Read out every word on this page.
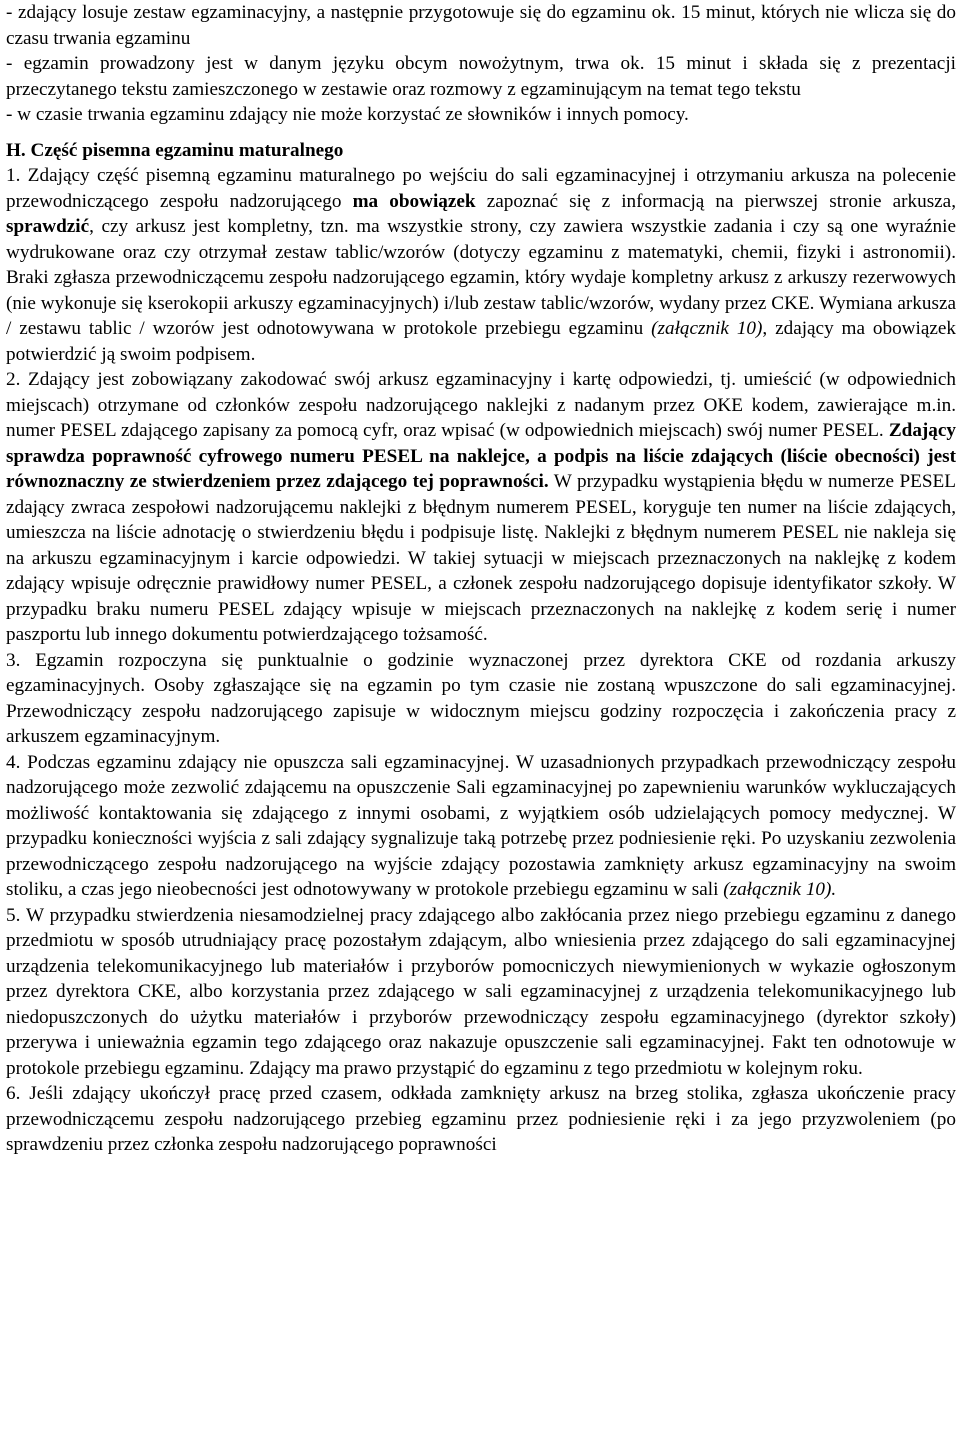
- zdający losuje zestaw egzaminacyjny, a następnie przygotowuje się do egzaminu ok. 15 minut, których nie wlicza się do czasu trwania egzaminu

- egzamin prowadzony jest w danym języku obcym nowożytnym, trwa ok. 15 minut i składa się z prezentacji przeczytanego tekstu zamieszczonego w zestawie oraz rozmowy z egzaminującym na temat tego tekstu

- w czasie trwania egzaminu zdający nie może korzystać ze słowników i innych pomocy.

H. Część pisemna egzaminu maturalnego

1. Zdający część pisemną egzaminu maturalnego po wejściu do sali egzaminacyjnej i otrzymaniu arkusza na polecenie przewodniczącego zespołu nadzorującego ma obowiązek zapoznać się z informacją na pierwszej stronie arkusza, sprawdzić, czy arkusz jest kompletny, tzn. ma wszystkie strony, czy zawiera wszystkie zadania i czy są one wyraźnie wydrukowane oraz czy otrzymał zestaw tablic/wzorów (dotyczy egzaminu z matematyki, chemii, fizyki i astronomii). Braki zgłasza przewodniczącemu zespołu nadzorującego egzamin, który wydaje kompletny arkusz z arkuszy rezerwowych (nie wykonuje się kserokopii arkuszy egzaminacyjnych) i/lub zestaw tablic/wzorów, wydany przez CKE. Wymiana arkusza / zestawu tablic / wzorów jest odnotowywana w protokole przebiegu egzaminu (załącznik 10), zdający ma obowiązek potwierdzić ją swoim podpisem.

2. Zdający jest zobowiązany zakodować swój arkusz egzaminacyjny i kartę odpowiedzi, tj. umieścić (w odpowiednich miejscach) otrzymane od członków zespołu nadzorującego naklejki z nadanym przez OKE kodem, zawierające m.in. numer PESEL zdającego zapisany za pomocą cyfr, oraz wpisać (w odpowiednich miejscach) swój numer PESEL. Zdający sprawdza poprawność cyfrowego numeru PESEL na naklejce, a podpis na liście zdających (liście obecności) jest równoznaczny ze stwierdzeniem przez zdającego tej poprawności. W przypadku wystąpienia błędu w numerze PESEL zdający zwraca zespołowi nadzorującemu naklejki z błędnym numerem PESEL, koryguje ten numer na liście zdających, umieszcza na liście adnotację o stwierdzeniu błędu i podpisuje listę. Naklejki z błędnym numerem PESEL nie nakleja się na arkuszu egzaminacyjnym i karcie odpowiedzi. W takiej sytuacji w miejscach przeznaczonych na naklejkę z kodem zdający wpisuje odręcznie prawidłowy numer PESEL, a członek zespołu nadzorującego dopisuje identyfikator szkoły. W przypadku braku numeru PESEL zdający wpisuje w miejscach przeznaczonych na naklejkę z kodem serię i numer paszportu lub innego dokumentu potwierdzającego tożsamość.

3. Egzamin rozpoczyna się punktualnie o godzinie wyznaczonej przez dyrektora CKE od rozdania arkuszy egzaminacyjnych. Osoby zgłaszające się na egzamin po tym czasie nie zostaną wpuszczone do sali egzaminacyjnej. Przewodniczący zespołu nadzorującego zapisuje w widocznym miejscu godziny rozpoczęcia i zakończenia pracy z arkuszem egzaminacyjnym.

4. Podczas egzaminu zdający nie opuszcza sali egzaminacyjnej. W uzasadnionych przypadkach przewodniczący zespołu nadzorującego może zezwolić zdającemu na opuszczenie Sali egzaminacyjnej po zapewnieniu warunków wykluczających możliwość kontaktowania się zdającego z innymi osobami, z wyjątkiem osób udzielających pomocy medycznej. W przypadku konieczności wyjścia z sali zdający sygnalizuje taką potrzebę przez podniesienie ręki. Po uzyskaniu zezwolenia przewodniczącego zespołu nadzorującego na wyjście zdający pozostawia zamknięty arkusz egzaminacyjny na swoim stoliku, a czas jego nieobecności jest odnotowywany w protokole przebiegu egzaminu w sali (załącznik 10).

5. W przypadku stwierdzenia niesamodzielnej pracy zdającego albo zakłócania przez niego przebiegu egzaminu z danego przedmiotu w sposób utrudniający pracę pozostałym zdającym, albo wniesienia przez zdającego do sali egzaminacyjnej urządzenia telekomunikacyjnego lub materiałów i przyborów pomocniczych niewymienionych w wykazie ogłoszonym przez dyrektora CKE, albo korzystania przez zdającego w sali egzaminacyjnej z urządzenia telekomunikacyjnego lub niedopuszczonych do użytku materiałów i przyborów przewodniczący zespołu egzaminacyjnego (dyrektor szkoły) przerywa i unieważnia egzamin tego zdającego oraz nakazuje opuszczenie sali egzaminacyjnej. Fakt ten odnotowuje w protokole przebiegu egzaminu. Zdający ma prawo przystąpić do egzaminu z tego przedmiotu w kolejnym roku.

6. Jeśli zdający ukończył pracę przed czasem, odkłada zamknięty arkusz na brzeg stolika, zgłasza ukończenie pracy przewodniczącemu zespołu nadzorującego przebieg egzaminu przez podniesienie ręki i za jego przyzwoleniem (po sprawdzeniu przez członka zespołu nadzorującego poprawności
